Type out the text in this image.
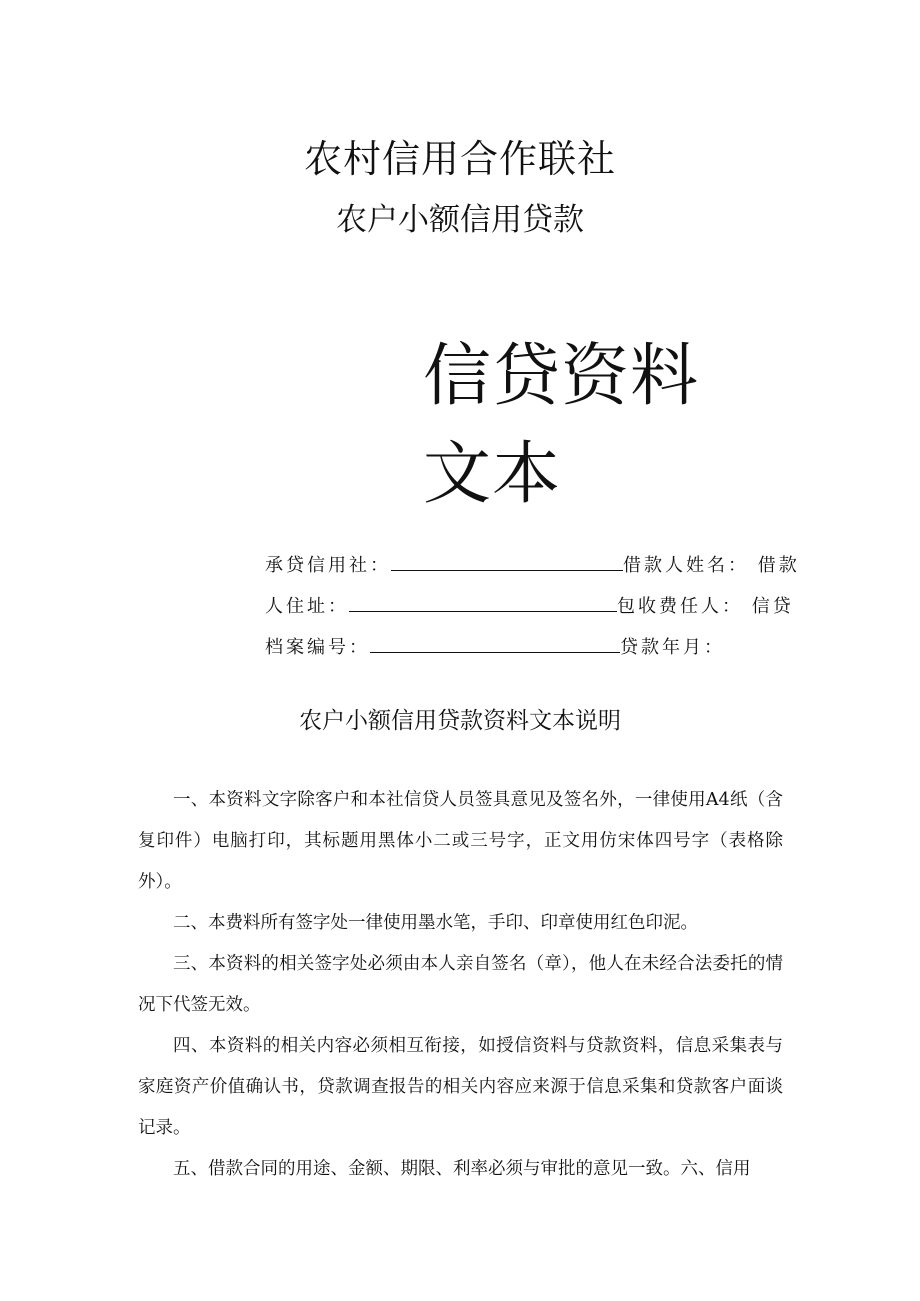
农村信用合作联社
农户小额信用贷款
信贷资料
文本
承贷信用社：	借款人姓名： 借款
人住址：	包收费任人： 信贷
档案编号：	贷款年月：
农户小额信用贷款资料文本说明
一、本资料文字除客户和本社信贷人员签具意见及签名外，一律使用A4纸（含复印件）电脑打印，其标题用黑体小二或三号字，正文用仿宋体四号字（表格除外）。
二、本费料所有签字处一律使用墨水笔，手印、印章使用红色印泥。
三、本资料的相关签字处必须由本人亲自签名（章），他人在未经合法委托的情况下代签无效。
四、本资料的相关内容必须相互衔接，如授信资料与贷款资料，信息采集表与家庭资产价值确认书，贷款调查报告的相关内容应来源于信息采集和贷款客户面谈记录。
五、借款合同的用途、金额、期限、利率必须与审批的意见一致。六、信用
